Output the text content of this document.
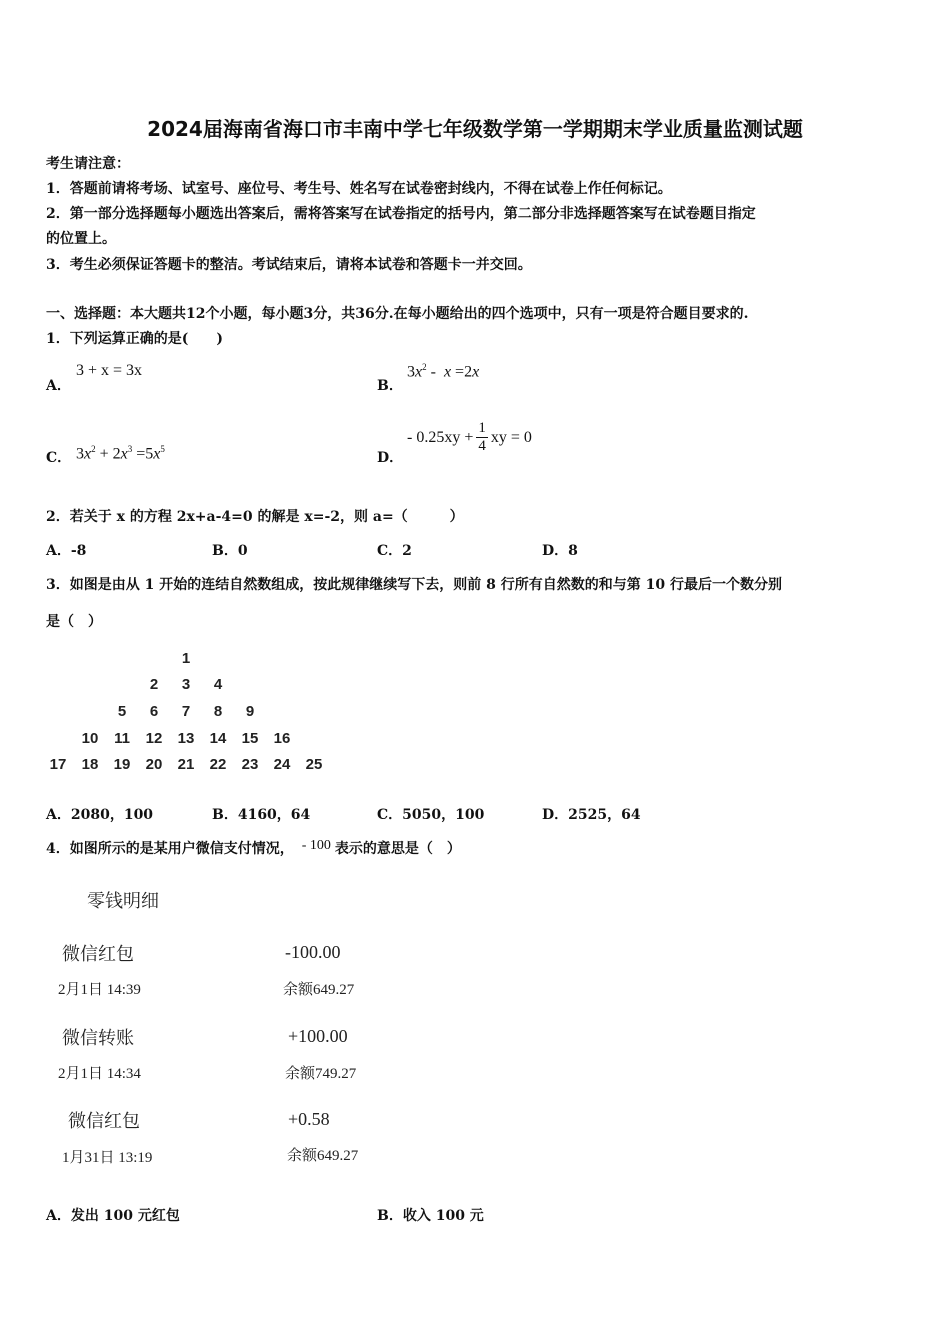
2024届海南省海口市丰南中学七年级数学第一学期期末学业质量监测试题
考生请注意：
1．答题前请将考场、试室号、座位号、考生号、姓名写在试卷密封线内，不得在试卷上作任何标记。
2．第一部分选择题每小题选出答案后，需将答案写在试卷指定的括号内，第二部分非选择题答案写在试卷题目指定
的位置上。
3．考生必须保证答题卡的整洁。考试结束后，请将本试卷和答题卡一并交回。
一、选择题：本大题共12个小题，每小题3分，共36分.在每小题给出的四个选项中，只有一项是符合题目要求的.
1．下列运算正确的是(　　)
A．
3 + x = 3x
B．
$3x^2 - x =2x$
C． $3x^2 + 2x^3 =5x^5$
D．
- $0.25xy + \frac{1}{4}$ xy = 0
2．若关于 x 的方程 2x+a-4=0 的解是 x=-2，则 a=（　　　）
A．-8	B．0	C．2	D．8
3．如图是由从 1 开始的连结自然数组成，按此规律继续写下去，则前 8 行所有自然数的和与第 10 行最后一个数分别
是（　）
1
2	3	4
5	6	7	8	9
10	11	12	13	14	15	16
17	18	19	20	21	22	23	24	25
A．2080，100	B．4160，64	C．5050，100	D．2525，64
4．如图所示的是某用户微信支付情况， - 100 表示的意思是（　）
零钱明细
微信红包	-100.00
2月1日 14:39	余额649.27
微信转账	+100.00
2月1日 14:34	余额749.27
微信红包	+0.58
1月31日 13:19	余额649.27
A．发出 100 元红包	B．收入 100 元
